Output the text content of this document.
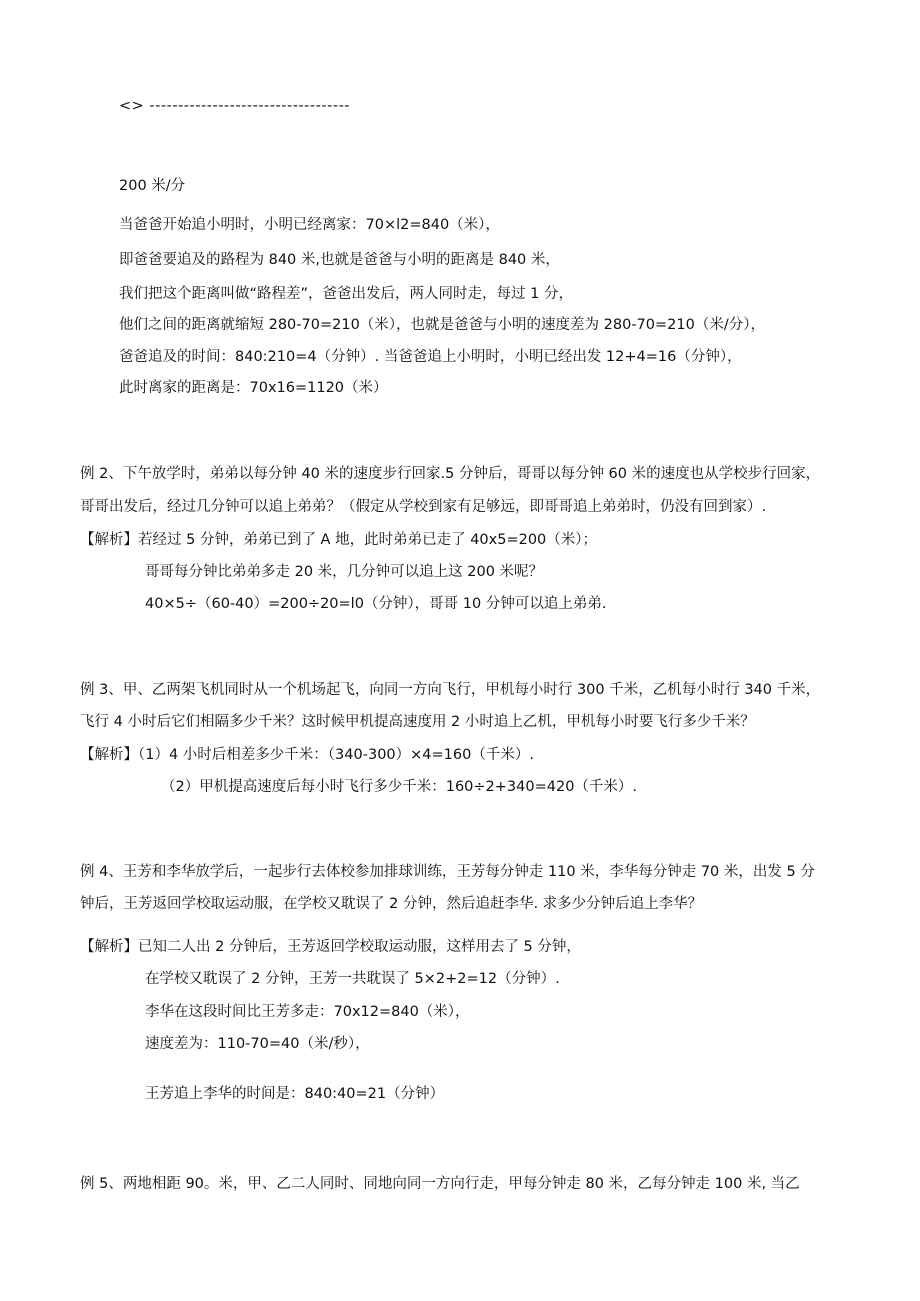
<> -----------------------------------
200 米/分
当爸爸开始追小明时，小明已经离家：70×l2=840（米），
即爸爸要追及的路程为 840 米,也就是爸爸与小明的距离是 840 米，
我们把这个距离叫做“路程差”，爸爸出发后，两人同时走，每过 1 分，
他们之间的距离就缩短 280-70=210（米），也就是爸爸与小明的速度差为 280-70=210（米/分），
爸爸追及的时间：840:210=4（分钟）. 当爸爸追上小明时，小明已经出发 12+4=16（分钟），
此时离家的距离是：70x16=1120（米）
例 2、下午放学时，弟弟以每分钟 40 米的速度步行回家.5 分钟后，哥哥以每分钟 60 米的速度也从学校步行回家，
哥哥出发后，经过几分钟可以追上弟弟？（假定从学校到家有足够远，即哥哥追上弟弟时，仍没有回到家）.
【解析】若经过 5 分钟，弟弟已到了 A 地，此时弟弟已走了 40x5=200（米）；
哥哥每分钟比弟弟多走 20 米，几分钟可以追上这 200 米呢？
40×5÷（60-40）=200÷20=l0（分钟），哥哥 10 分钟可以追上弟弟.
例 3、甲、乙两架飞机同时从一个机场起飞，向同一方向飞行，甲机每小时行 300 千米，乙机每小时行 340 千米，
飞行 4 小时后它们相隔多少千米？这时候甲机提高速度用 2 小时追上乙机，甲机每小时要飞行多少千米？
【解析】（1）4 小时后相差多少千米：（340-300）×4=160（千米）.
（2）甲机提高速度后每小时飞行多少千米：160÷2+340=420（千米）.
例 4、王芳和李华放学后，一起步行去体校参加排球训练，王芳每分钟走 110 米，李华每分钟走 70 米，出发 5 分
钟后，王芳返回学校取运动服，在学校又耽误了 2 分钟，然后追赶李华. 求多少分钟后追上李华？
【解析】已知二人出 2 分钟后，王芳返回学校取运动服，这样用去了 5 分钟，
在学校又耽误了 2 分钟，王芳一共耽误了 5×2+2=12（分钟）.
李华在这段时间比王芳多走：70x12=840（米），
速度差为：110-70=40（米/秒），
王芳追上李华的时间是：840:40=21（分钟）
例 5、两地相距 90。米，甲、乙二人同时、同地向同一方向行走，甲每分钟走 80 米，乙每分钟走 100 米, 当乙
